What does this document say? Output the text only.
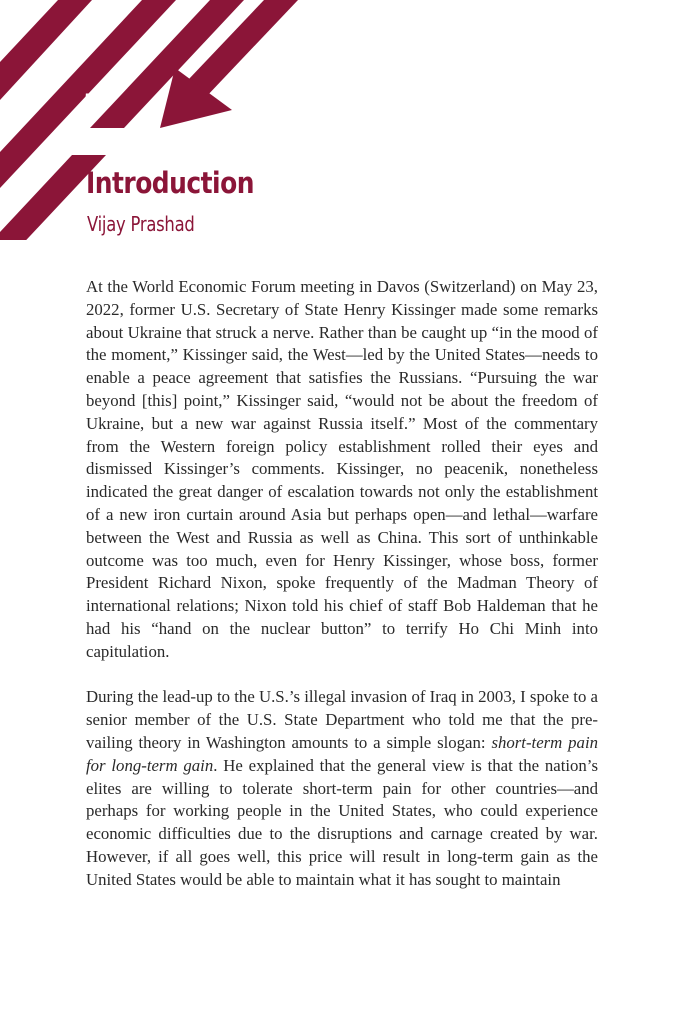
5
Introduction
Vijay Prashad

At the World Economic Forum meeting in Davos (Switzerland) on May 23, 2022, former U.S. Secretary of State Henry Kissinger made some remarks about Ukraine that struck a nerve. Rather than be caught up “in the mood of the moment,” Kissinger said, the West—led by the United States—needs to enable a peace agreement that satisfies the Russians. “Pursuing the war beyond [this] point,” Kissinger said, “would not be about the freedom of Ukraine, but a new war against Russia itself.” Most of the commentary from the Western foreign policy establishment rolled their eyes and dismissed Kissinger’s comments. Kissinger, no peacenik, nonetheless indicated the great danger of escalation towards not only the establishment of a new iron curtain around Asia but perhaps open—and lethal—warfare between the West and Russia as well as China. This sort of unthinkable outcome was too much, even for Henry Kissinger, whose boss, former President Richard Nixon, spoke frequently of the Madman Theory of international relations; Nixon told his chief of staff Bob Haldeman that he had his “hand on the nuclear button” to terrify Ho Chi Minh into capitulation.

During the lead-up to the U.S.’s illegal invasion of Iraq in 2003, I spoke to a senior member of the U.S. State Department who told me that the pre-vailing theory in Washington amounts to a simple slogan: short-term pain for long-term gain. He explained that the general view is that the nation’s elites are willing to tolerate short-term pain for other countries—and perhaps for working people in the United States, who could experience economic difficulties due to the disruptions and carnage created by war. However, if all goes well, this price will result in long-term gain as the United States would be able to maintain what it has sought to maintain
